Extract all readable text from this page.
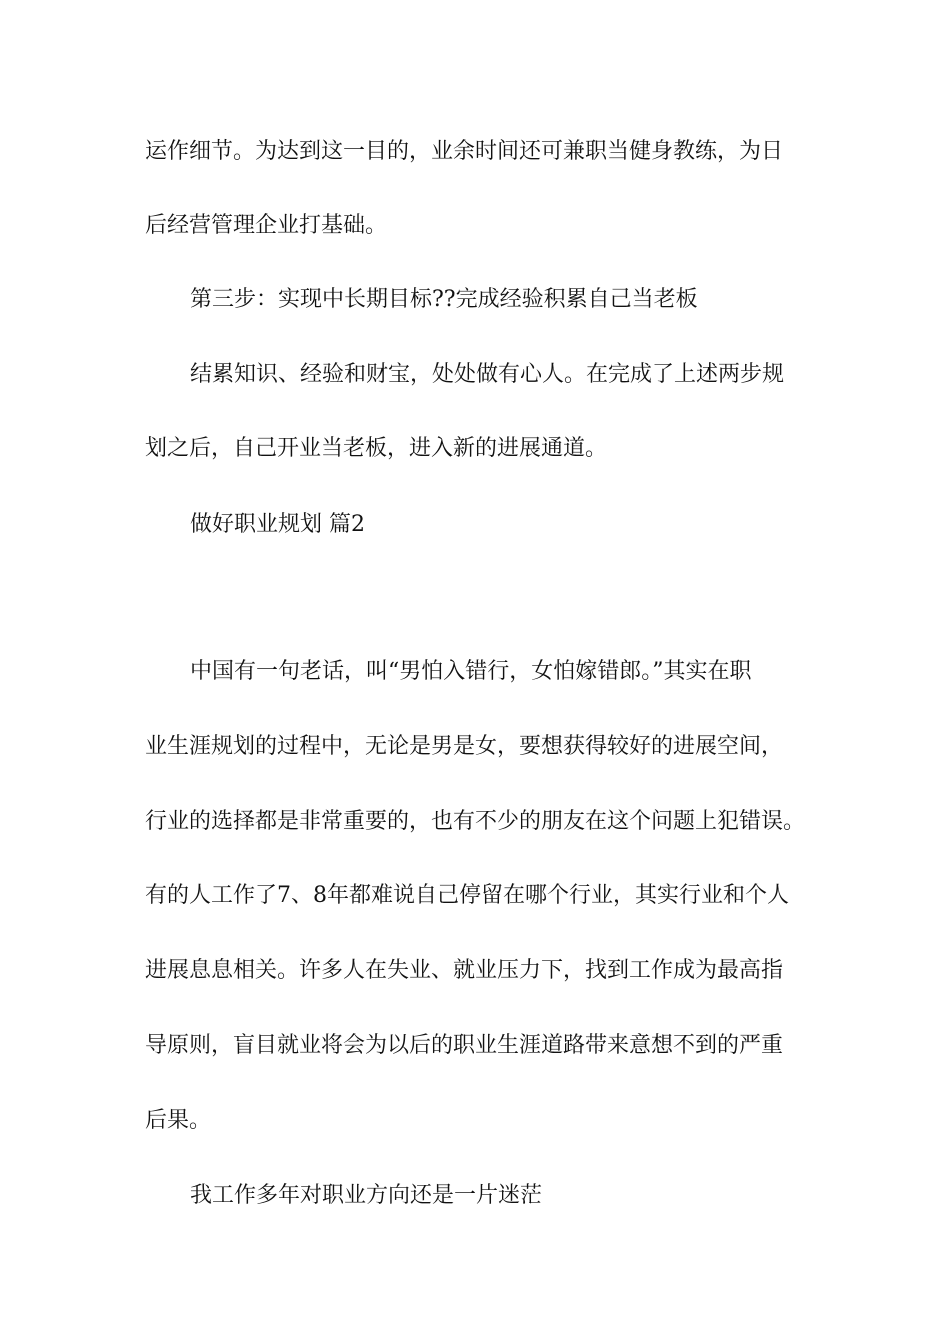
运作细节。为达到这一目的，业余时间还可兼职当健身教练，为日
后经营管理企业打基础。
第三步：实现中长期目标??完成经验积累自己当老板
结累知识、经验和财宝，处处做有心人。在完成了上述两步规
划之后，自己开业当老板，进入新的进展通道。
做好职业规划 篇2
中国有一句老话，叫“男怕入错行，女怕嫁错郎。”其实在职
业生涯规划的过程中，无论是男是女，要想获得较好的进展空间，
行业的选择都是非常重要的，也有不少的朋友在这个问题上犯错误。
有的人工作了7、8年都难说自己停留在哪个行业，其实行业和个人
进展息息相关。许多人在失业、就业压力下，找到工作成为最高指
导原则，盲目就业将会为以后的职业生涯道路带来意想不到的严重
后果。
我工作多年对职业方向还是一片迷茫
